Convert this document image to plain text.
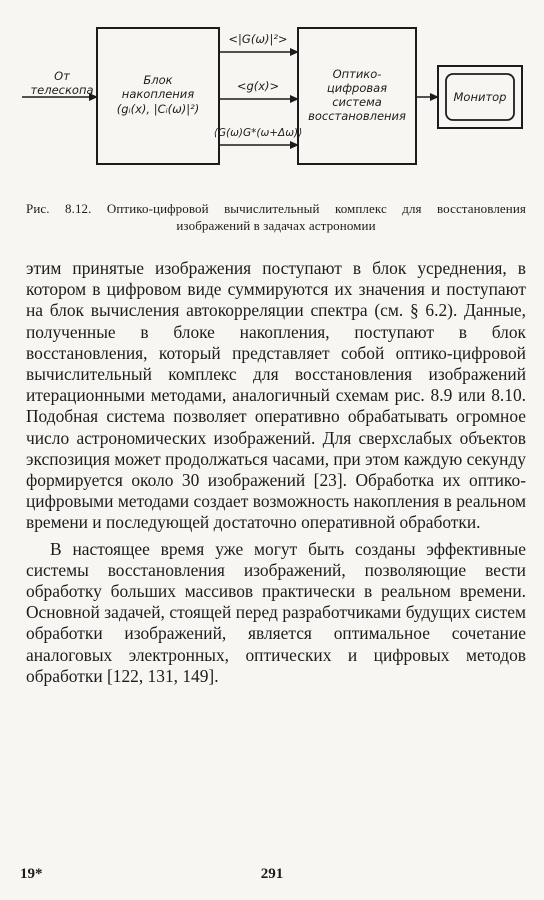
От
телескопа
Блок
накопления
(gᵢ(x), |Cᵢ(ω)|²)
<|G(ω)|²>
<g(x)>
⟨G(ω)G*(ω+Δω)⟩
Оптико-
цифровая
система
восстановления
Монитор
Рис. 8.12. Оптико-цифровой вычислительный комплекс для восстановления изображений в задачах астрономии

этим принятые изображения поступают в блок усреднения, в котором в цифровом виде суммируются их значения и поступают на блок вычисления автокорреляции спектра (см. § 6.2). Данные, полученные в блоке накопления, поступают в блок восстановления, который представляет собой оптико-цифровой вычислительный комплекс для восстановления изображений итерационными методами, аналогичный схемам рис. 8.9 или 8.10. Подобная система позволяет оперативно обрабатывать огромное число астрономических изображений. Для сверхслабых объектов экспозиция может продолжаться часами, при этом каждую секунду формируется около 30 изображений [23]. Обработка их оптико-цифровыми методами создает возможность накопления в реальном времени и последующей достаточно оперативной обработки.

В настоящее время уже могут быть созданы эффективные системы восстановления изображений, позволяющие вести обработку больших массивов практически в реальном времени. Основной задачей, стоящей перед разработчиками будущих систем обработки изображений, является оптимальное сочетание аналоговых электронных, оптических и цифровых методов обработки [122, 131, 149].

19*	291
